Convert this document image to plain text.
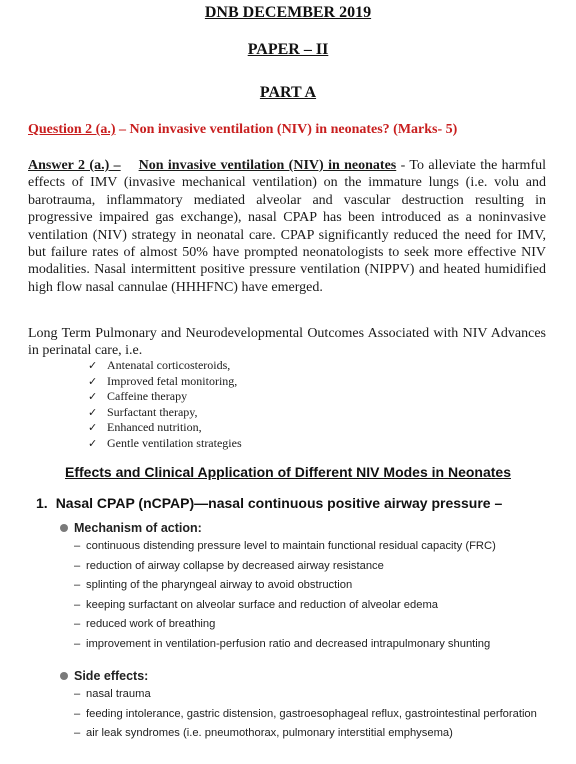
DNB DECEMBER 2019
PAPER – II
PART A
Question 2 (a.) – Non invasive ventilation (NIV) in neonates? (Marks- 5)
Answer 2 (a.) – Non invasive ventilation (NIV) in neonates - To alleviate the harmful effects of IMV (invasive mechanical ventilation) on the immature lungs (i.e. volu and barotrauma, inflammatory mediated alveolar and vascular destruction resulting in progressive impaired gas exchange), nasal CPAP has been introduced as a noninvasive ventilation (NIV) strategy in neonatal care. CPAP significantly reduced the need for IMV, but failure rates of almost 50% have prompted neonatologists to seek more effective NIV modalities. Nasal intermittent positive pressure ventilation (NIPPV) and heated humidified high flow nasal cannulae (HHHFNC) have emerged.
Long Term Pulmonary and Neurodevelopmental Outcomes Associated with NIV Advances in perinatal care, i.e.
✓ Antenatal corticosteroids,
✓ Improved fetal monitoring,
✓ Caffeine therapy
✓ Surfactant therapy,
✓ Enhanced nutrition,
✓ Gentle ventilation strategies
Effects and Clinical Application of Different NIV Modes in Neonates
1. Nasal CPAP (nCPAP)—nasal continuous positive airway pressure –
Mechanism of action:
– continuous distending pressure level to maintain functional residual capacity (FRC)
– reduction of airway collapse by decreased airway resistance
– splinting of the pharyngeal airway to avoid obstruction
– keeping surfactant on alveolar surface and reduction of alveolar edema
– reduced work of breathing
– improvement in ventilation-perfusion ratio and decreased intrapulmonary shunting
Side effects:
– nasal trauma
– feeding intolerance, gastric distension, gastroesophageal reflux, gastrointestinal perforation
– air leak syndromes (i.e. pneumothorax, pulmonary interstitial emphysema)
